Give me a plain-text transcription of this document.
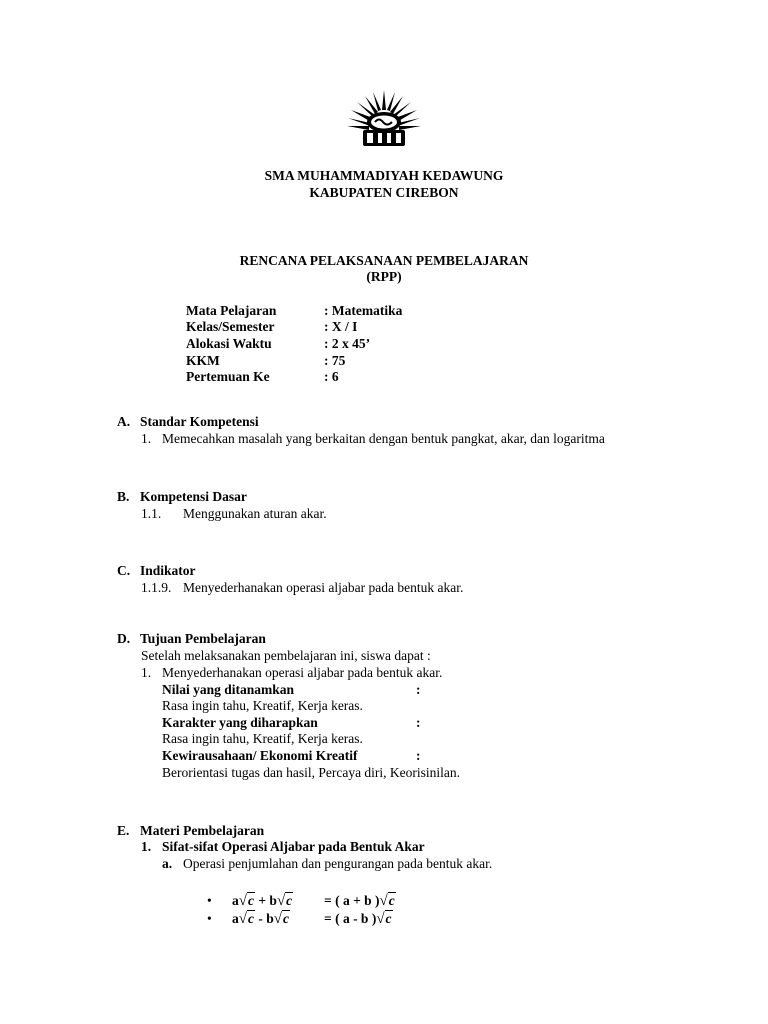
SMA MUHAMMADIYAH KEDAWUNG
KABUPATEN CIREBON
RENCANA PELAKSANAAN PEMBELAJARAN
(RPP)
Mata Pelajaran	: Matematika
Kelas/Semester	: X / I
Alokasi Waktu	: 2 x 45’
KKM	: 75
Pertemuan Ke	: 6
A. Standar Kompetensi
1. Memecahkan masalah yang berkaitan dengan bentuk pangkat, akar, dan logaritma
B. Kompetensi Dasar
1.1. Menggunakan aturan akar.
C. Indikator
1.1.9. Menyederhanakan operasi aljabar pada bentuk akar.
D. Tujuan Pembelajaran
Setelah melaksanakan pembelajaran ini, siswa dapat :
1. Menyederhanakan operasi aljabar pada bentuk akar.
Nilai yang ditanamkan	:
Rasa ingin tahu, Kreatif, Kerja keras.
Karakter yang diharapkan	:
Rasa ingin tahu, Kreatif, Kerja keras.
Kewirausahaan/ Ekonomi Kreatif	:
Berorientasi tugas dan hasil, Percaya diri, Keorisinilan.
E. Materi Pembelajaran
1. Sifat-sifat Operasi Aljabar pada Bentuk Akar
a. Operasi penjumlahan dan pengurangan pada bentuk akar.
• a√c + b√c = ( a + b )√c
• a√c - b√c	= ( a - b )√c
